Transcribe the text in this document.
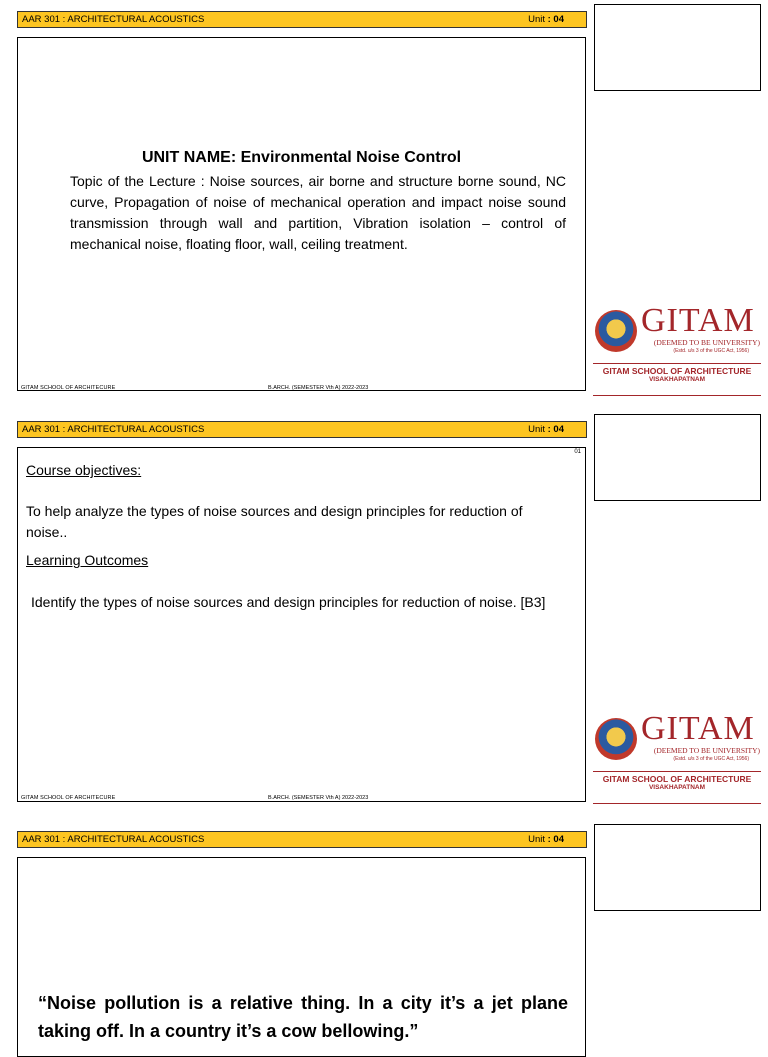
AAR 301 : ARCHITECTURAL ACOUSTICS	Unit : 04
UNIT NAME: Environmental Noise Control
Topic of the Lecture : Noise sources, air borne and structure borne sound, NC curve, Propagation of noise of mechanical operation and impact noise sound transmission through wall and partition, Vibration isolation – control of mechanical noise, floating floor, wall, ceiling treatment.
GITAM SCHOOL OF ARCHITECURE	B.ARCH. (SEMESTER Vth A) 2022-2023
GITAM
(DEEMED TO BE UNIVERSITY)
(Estd. u/s 3 of the UGC Act, 1956)
GITAM SCHOOL OF ARCHITECTURE
VISAKHAPATNAM
AAR 301 : ARCHITECTURAL ACOUSTICS	Unit : 04
01
Course objectives:
To help analyze the types of noise sources and design principles for reduction of noise..
Learning Outcomes
Identify the types of noise sources and design principles for reduction of noise. [B3]
GITAM SCHOOL OF ARCHITECURE	B.ARCH. (SEMESTER Vth A) 2022-2023
GITAM
(DEEMED TO BE UNIVERSITY)
(Estd. u/s 3 of the UGC Act, 1956)
GITAM SCHOOL OF ARCHITECTURE
VISAKHAPATNAM
AAR 301 : ARCHITECTURAL ACOUSTICS	Unit : 04
“Noise pollution is a relative thing. In a city it’s a jet plane taking off. In a country it’s a cow bellowing.”
